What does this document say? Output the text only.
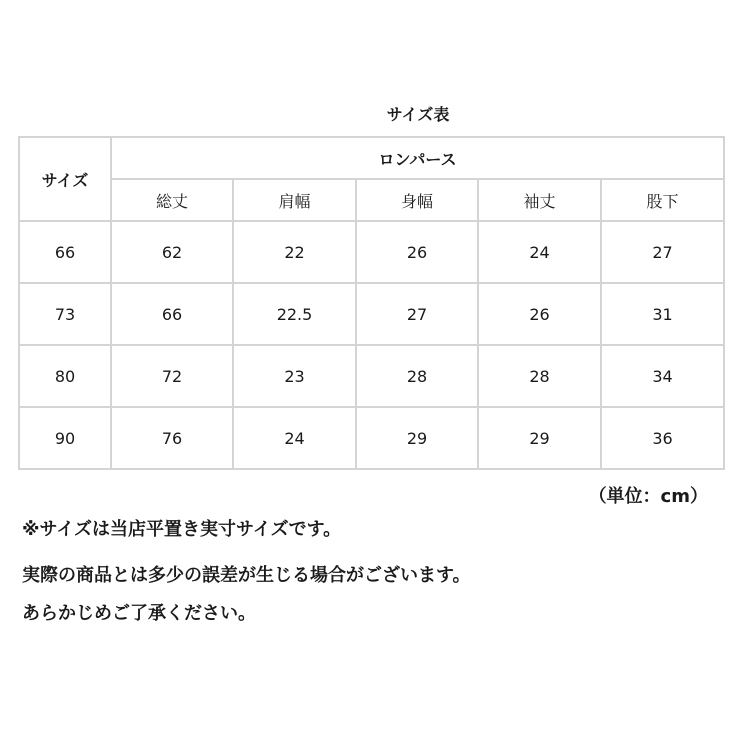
サイズ表
サイズ	ロンパース				
	総丈	肩幅	身幅	袖丈	股下
66	62	22	26	24	27
73	66	22.5	27	26	31
80	72	23	28	28	34
90	76	24	29	29	36
（単位：cm）
※サイズは当店平置き実寸サイズです。
実際の商品とは多少の誤差が生じる場合がございます。
あらかじめご了承ください。
